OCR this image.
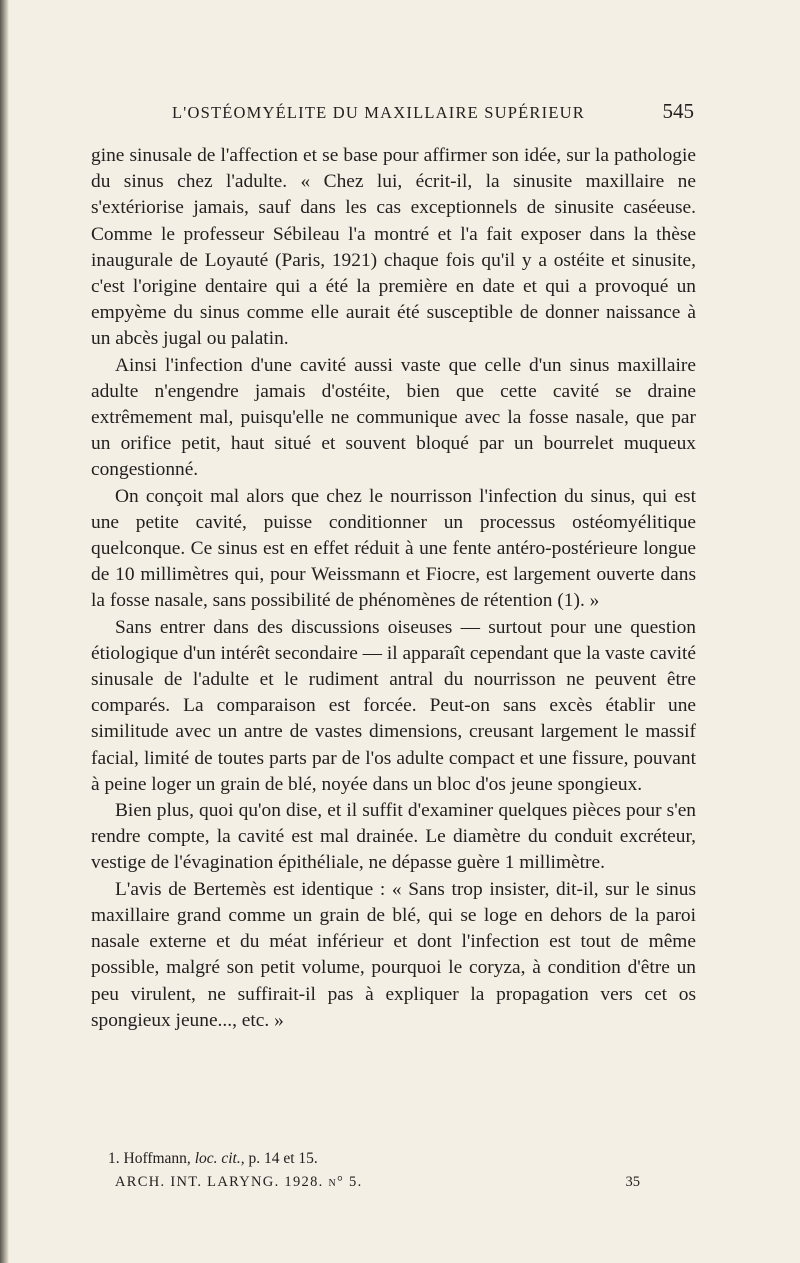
L'OSTÉOMYÉLITE DU MAXILLAIRE SUPÉRIEUR	545

gine sinusale de l'affection et se base pour affirmer son idée, sur la pathologie du sinus chez l'adulte. « Chez lui, écrit-il, la sinusite maxillaire ne s'extériorise jamais, sauf dans les cas exceptionnels de sinusite caséeuse. Comme le professeur Sébileau l'a montré et l'a fait exposer dans la thèse inaugurale de Loyauté (Paris, 1921) chaque fois qu'il y a ostéite et sinusite, c'est l'origine dentaire qui a été la première en date et qui a provoqué un empyème du sinus comme elle aurait été susceptible de donner naissance à un abcès jugal ou palatin.

Ainsi l'infection d'une cavité aussi vaste que celle d'un sinus maxillaire adulte n'engendre jamais d'ostéite, bien que cette cavité se draine extrêmement mal, puisqu'elle ne communique avec la fosse nasale, que par un orifice petit, haut situé et souvent bloqué par un bourrelet muqueux congestionné.

On conçoit mal alors que chez le nourrisson l'infection du sinus, qui est une petite cavité, puisse conditionner un processus ostéomyélitique quelconque. Ce sinus est en effet réduit à une fente antéro-postérieure longue de 10 millimètres qui, pour Weissmann et Fiocre, est largement ouverte dans la fosse nasale, sans possibilité de phénomènes de rétention (1). »

Sans entrer dans des discussions oiseuses — surtout pour une question étiologique d'un intérêt secondaire — il apparaît cependant que la vaste cavité sinusale de l'adulte et le rudiment antral du nourrisson ne peuvent être comparés. La comparaison est forcée. Peut-on sans excès établir une similitude avec un antre de vastes dimensions, creusant largement le massif facial, limité de toutes parts par de l'os adulte compact et une fissure, pouvant à peine loger un grain de blé, noyée dans un bloc d'os jeune spongieux.

Bien plus, quoi qu'on dise, et il suffit d'examiner quelques pièces pour s'en rendre compte, la cavité est mal drainée. Le diamètre du conduit excréteur, vestige de l'évagination épithéliale, ne dépasse guère 1 millimètre.

L'avis de Bertemès est identique : « Sans trop insister, dit-il, sur le sinus maxillaire grand comme un grain de blé, qui se loge en dehors de la paroi nasale externe et du méat inférieur et dont l'infection est tout de même possible, malgré son petit volume, pourquoi le coryza, à condition d'être un peu virulent, ne suffirait-il pas à expliquer la propagation vers cet os spongieux jeune..., etc. »

1. Hoffmann, loc. cit., p. 14 et 15.
ARCH. INT. LARYNG. 1928. n° 5.	35
